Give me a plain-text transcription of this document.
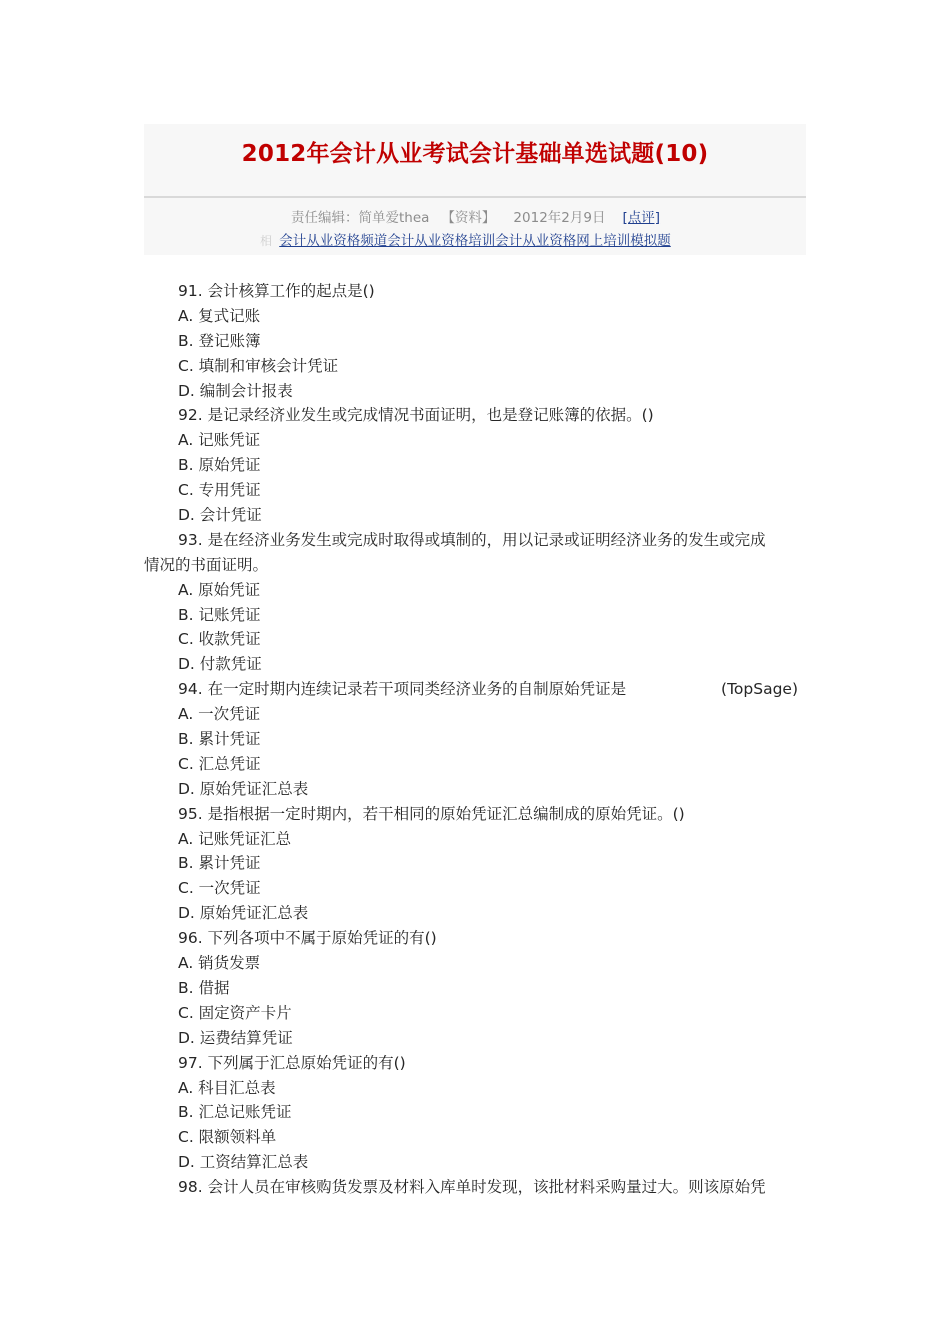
2012年会计从业考试会计基础单选试题(10)
责任编辑：简单爱thea 【资料】 2012年2月9日 [点评]
相 会计从业资格频道会计从业资格培训会计从业资格网上培训模拟题
91. 会计核算工作的起点是()
A. 复式记账
B. 登记账簿
C. 填制和审核会计凭证
D. 编制会计报表
92. 是记录经济业发生或完成情况书面证明，也是登记账簿的依据。()
A. 记账凭证
B. 原始凭证
C. 专用凭证
D. 会计凭证
93. 是在经济业务发生或完成时取得或填制的，用以记录或证明经济业务的发生或完成
情况的书面证明。
A. 原始凭证
B. 记账凭证
C. 收款凭证
D. 付款凭证
94. 在一定时期内连续记录若干项同类经济业务的自制原始凭证是	(TopSage)
A. 一次凭证
B. 累计凭证
C. 汇总凭证
D. 原始凭证汇总表
95. 是指根据一定时期内，若干相同的原始凭证汇总编制成的原始凭证。()
A. 记账凭证汇总
B. 累计凭证
C. 一次凭证
D. 原始凭证汇总表
96. 下列各项中不属于原始凭证的有()
A. 销货发票
B. 借据
C. 固定资产卡片
D. 运费结算凭证
97. 下列属于汇总原始凭证的有()
A. 科目汇总表
B. 汇总记账凭证
C. 限额领料单
D. 工资结算汇总表
98. 会计人员在审核购货发票及材料入库单时发现，该批材料采购量过大。则该原始凭
